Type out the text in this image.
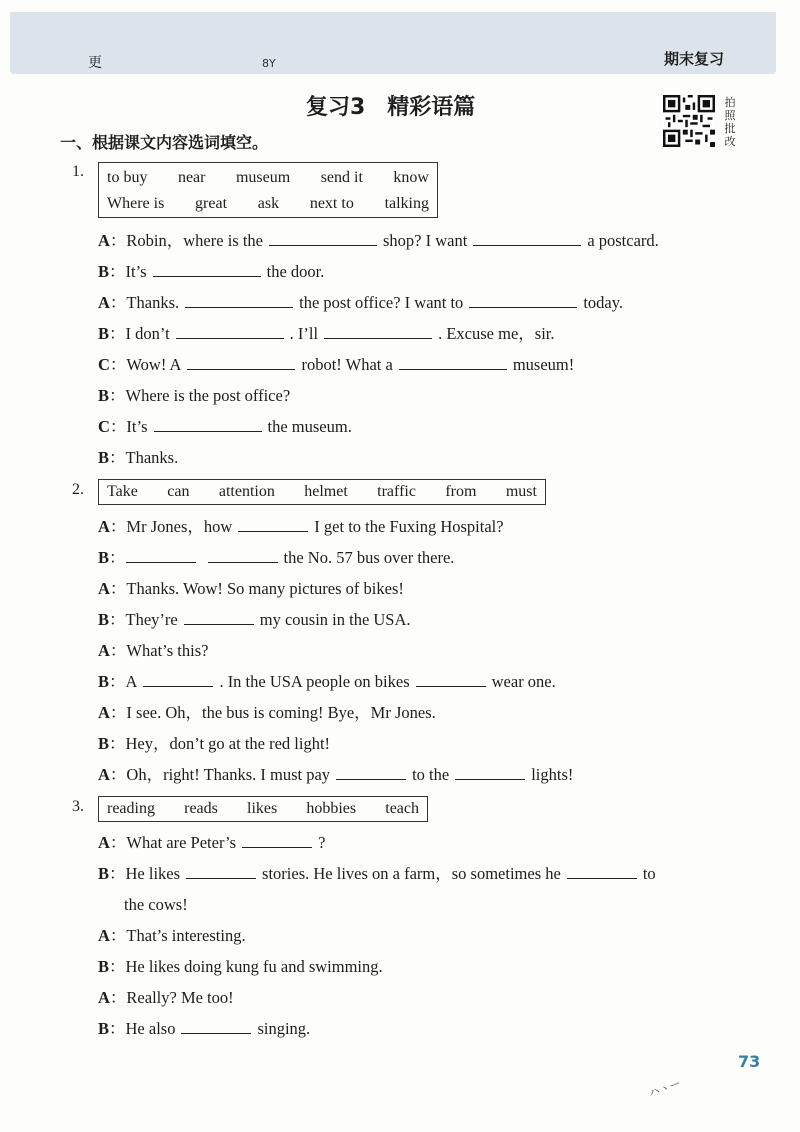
更	8Y	期末复习
复习3　精彩语篇	拍照批改
一、根据课文内容选词填空。
1. to buy near museum send it know
Where is great ask next to talking
A：Robin，where is the	shop? I want	a postcard.
B：It’s	the door.
A：Thanks.	the post office? I want to	today.
B：I don’t	. I’ll	. Excuse me，sir.
C：Wow! A	robot! What a	museum!
B：Where is the post office?
C：It’s	the museum.
B：Thanks.
2. Take can attention helmet traffic from must
A：Mr Jones，how	I get to the Fuxing Hospital?
B：	the No. 57 bus over there.
A：Thanks. Wow! So many pictures of bikes!
B：They’re	my cousin in the USA.
A：What’s this?
B：A	. In the USA people on bikes	wear one.
A：I see. Oh，the bus is coming! Bye，Mr Jones.
B：Hey，don’t go at the red light!
A：Oh，right! Thanks. I must pay	to the	lights!
3. reading reads likes hobbies teach
A：What are Peter’s	?
B：He likes	stories. He lives on a farm，so sometimes he	to
the cows!
A：That’s interesting.
B：He likes doing kung fu and swimming.
A：Really? Me too!
B：He also	singing.
73
ハヽー
